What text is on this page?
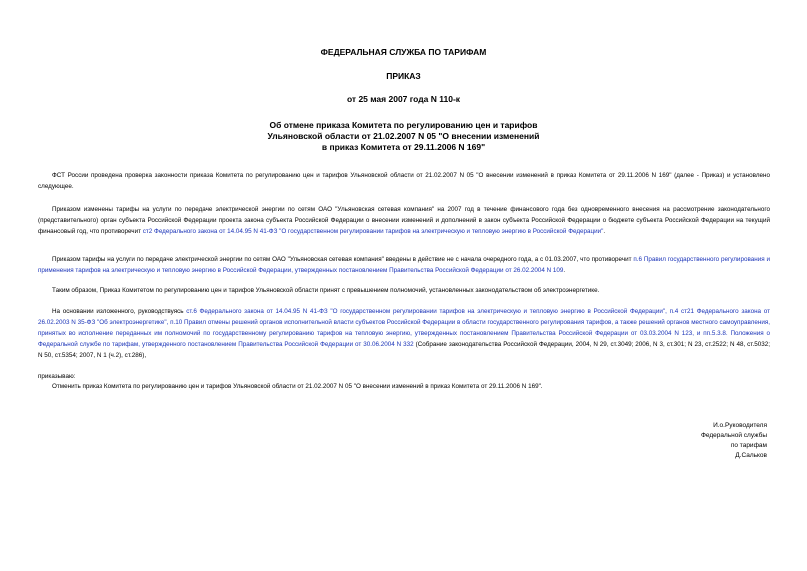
ФЕДЕРАЛЬНАЯ СЛУЖБА ПО ТАРИФАМ
ПРИКАЗ
от 25 мая 2007 года N 110-к
Об отмене приказа Комитета по регулированию цен и тарифов
Ульяновской области от 21.02.2007 N 05 "О внесении изменений
в приказ Комитета от 29.11.2006 N 169"
ФСТ России проведена проверка законности приказа Комитета по регулированию цен и тарифов Ульяновской области от 21.02.2007 N 05 "О внесении изменений в приказ Комитета от 29.11.2006 N 169" (далее - Приказ) и установлено следующее.
Приказом изменены тарифы на услуги по передаче электрической энергии по сетям ОАО "Ульяновская сетевая компания" на 2007 год в течение финансового года без одновременного внесения на рассмотрение законодательного (представительного) орган субъекта Российской Федерации проекта закона субъекта Российской Федерации о внесении изменений и дополнений в закон субъекта Российской Федерации о бюджете субъекта Российской Федерации на текущий финансовый год, что противоречит ст2 Федерального закона от 14.04.95 N 41-ФЗ "О государственном регулировании тарифов на электрическую и тепловую энергию в Российской Федерации".
Приказом тарифы на услуги по передаче электрической энергии по сетям ОАО "Ульяновская сетевая компания" введены в действие не с начала очередного года, а с 01.03.2007, что противоречит п.6 Правил государственного регулирования и применения тарифов на электрическую и тепловую энергию в Российской Федерации, утвержденных постановлением Правительства Российской Федерации от 26.02.2004 N 109.
Таким образом, Приказ Комитетом по регулированию цен и тарифов Ульяновской области принят с превышением полномочий, установленных законодательством об электроэнергетике.
На основании изложенного, руководствуясь ст.6 Федерального закона от 14.04.95 N 41-ФЗ "О государственном регулировании тарифов на электрическую и тепловую энергию в Российской Федерации", п.4 ст21 Федерального закона от 26.02.2003 N 35-ФЗ "Об электроэнергетике", п.10 Правил отмены решений органов исполнительной власти субъектов Российской Федерации в области государственного регулирования тарифов, а также решений органов местного самоуправления, принятых во исполнение переданных им полномочий по государственному регулированию тарифов на тепловую энергию, утвержденных постановлением Правительства Российской Федерации от 03.03.2004 N 123, и пп.5.3.8. Положения о Федеральной службе по тарифам, утвержденного постановлением Правительства Российской Федерации от 30.06.2004 N 332 (Собрание законодательства Российской Федерации, 2004, N 29, ст.3049; 2006, N 3, ст.301; N 23, ст.2522; N 48, ст.5032; N 50, ст.5354; 2007, N 1 (ч.2), ст.286),
приказываю:
Отменить приказ Комитета по регулированию цен и тарифов Ульяновской области от 21.02.2007 N 05 "О внесении изменений в приказ Комитета от 29.11.2006 N 169".
И.о.Руководителя
Федеральной службы
по тарифам
Д.Сальков
